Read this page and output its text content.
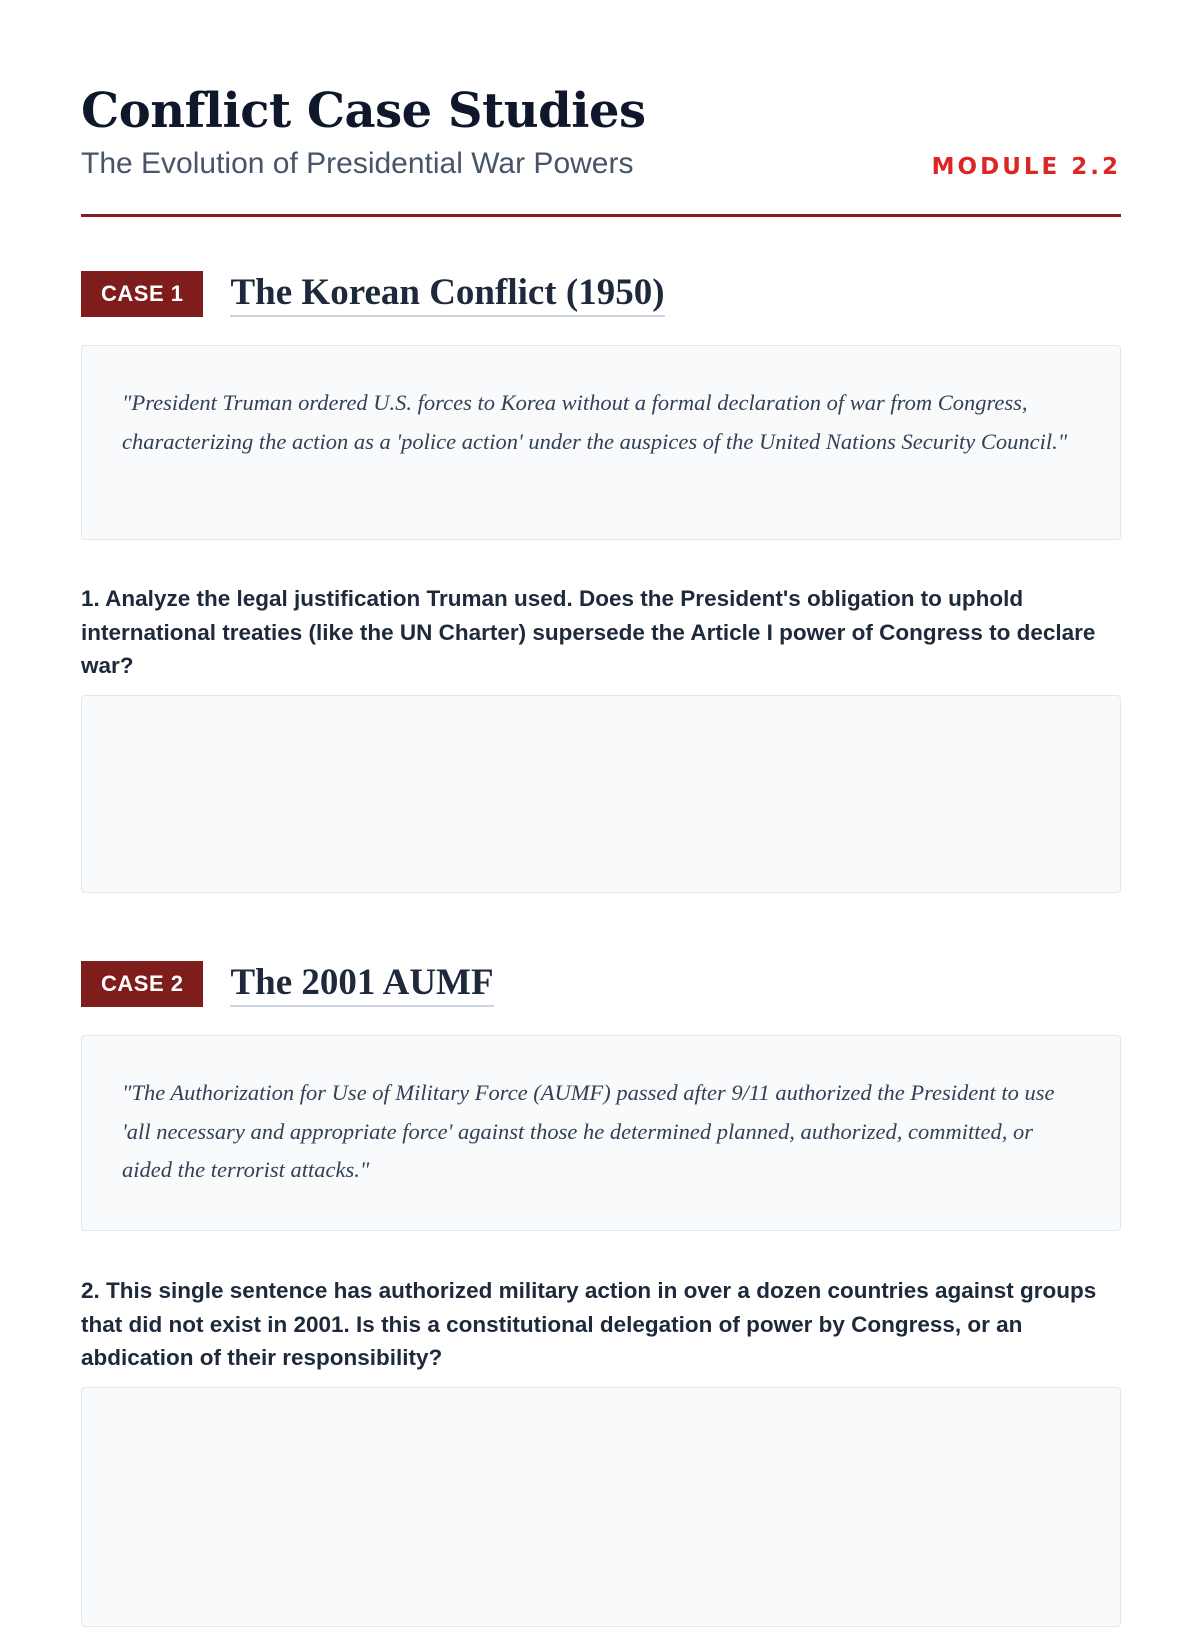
Conflict Case Studies

The Evolution of Presidential War Powers	MODULE 2.2
CASE 1	The Korean Conflict (1950)

"President Truman ordered U.S. forces to Korea without a formal declaration of war from Congress, characterizing the action as a 'police action' under the auspices of the United Nations Security Council."

1. Analyze the legal justification Truman used. Does the President's obligation to uphold international treaties (like the UN Charter) supersede the Article I power of Congress to declare war?

CASE 2	The 2001 AUMF

"The Authorization for Use of Military Force (AUMF) passed after 9/11 authorized the President to use 'all necessary and appropriate force' against those he determined planned, authorized, committed, or aided the terrorist attacks."

2. This single sentence has authorized military action in over a dozen countries against groups that did not exist in 2001. Is this a constitutional delegation of power by Congress, or an abdication of their responsibility?
